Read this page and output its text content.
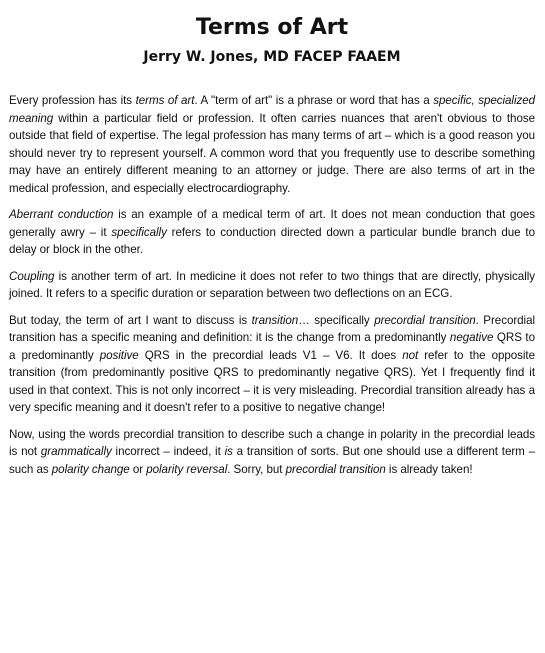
Terms of Art
Jerry W. Jones, MD FACEP FAAEM

Every profession has its terms of art. A "term of art" is a phrase or word that has a specific, specialized meaning within a particular field or profession. It often carries nuances that aren't obvious to those outside that field of expertise. The legal profession has many terms of art – which is a good reason you should never try to represent yourself. A common word that you frequently use to describe something may have an entirely different meaning to an attorney or judge. There are also terms of art in the medical profession, and especially electrocardiography.

Aberrant conduction is an example of a medical term of art. It does not mean conduction that goes generally awry – it specifically refers to conduction directed down a particular bundle branch due to delay or block in the other.

Coupling is another term of art. In medicine it does not refer to two things that are directly, physically joined. It refers to a specific duration or separation between two deflections on an ECG.

But today, the term of art I want to discuss is transition… specifically precordial transition. Precordial transition has a specific meaning and definition: it is the change from a predominantly negative QRS to a predominantly positive QRS in the precordial leads V1 – V6. It does not refer to the opposite transition (from predominantly positive QRS to predominantly negative QRS). Yet I frequently find it used in that context. This is not only incorrect – it is very misleading. Precordial transition already has a very specific meaning and it doesn't refer to a positive to negative change!

Now, using the words precordial transition to describe such a change in polarity in the precordial leads is not grammatically incorrect – indeed, it is a transition of sorts. But one should use a different term – such as polarity change or polarity reversal. Sorry, but precordial transition is already taken!
